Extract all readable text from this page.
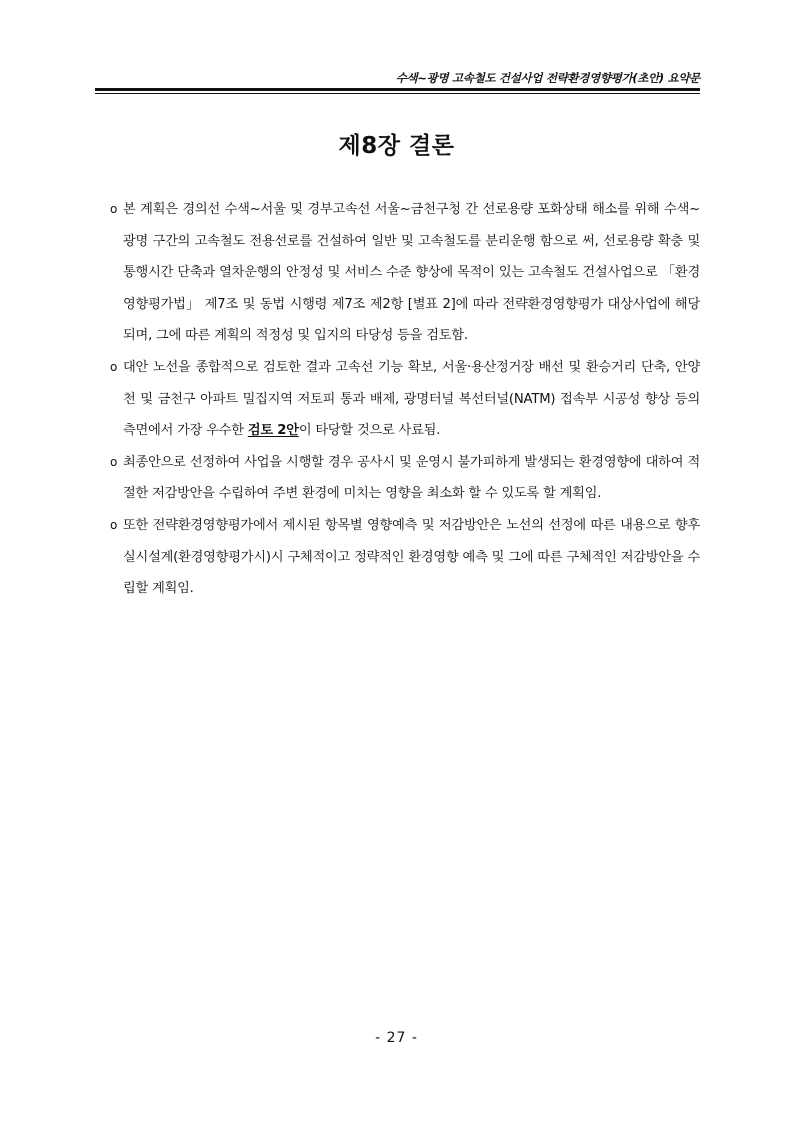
수색~광명 고속철도 건설사업 전략환경영향평가(초안) 요약문
제8장 결론

ο 본 계획은 경의선 수색~서울 및 경부고속선 서울~금천구청 간 선로용량 포화상태 해소를 위해 수색~광명 구간의 고속철도 전용선로를 건설하여 일반 및 고속철도를 분리운행 함으로 써, 선로용량 확충 및 통행시간 단축과 열차운행의 안정성 및 서비스 수준 향상에 목적이 있는 고속철도 건설사업으로 「환경영향평가법」 제7조 및 동법 시행령 제7조 제2항 [별표 2]에 따라 전략환경영향평가 대상사업에 해당되며, 그에 따른 계획의 적정성 및 입지의 타당성 등을 검토함.

ο 대안 노선을 종합적으로 검토한 결과 고속선 기능 확보, 서울·용산정거장 배선 및 환승거리 단축, 안양천 및 금천구 아파트 밀집지역 저토피 통과 배제, 광명터널 복선터널(NATM) 접속부 시공성 향상 등의 측면에서 가장 우수한 검토 2안이 타당할 것으로 사료됨.

ο 최종안으로 선정하여 사업을 시행할 경우 공사시 및 운영시 불가피하게 발생되는 환경영향에 대하여 적절한 저감방안을 수립하여 주변 환경에 미치는 영향을 최소화 할 수 있도록 할 계획임.

ο 또한 전략환경영향평가에서 제시된 항목별 영향예측 및 저감방안은 노선의 선정에 따른 내용으로 향후 실시설계(환경영향평가시)시 구체적이고 정략적인 환경영향 예측 및 그에 따른 구체적인 저감방안을 수립할 계획임.

- 27 -
